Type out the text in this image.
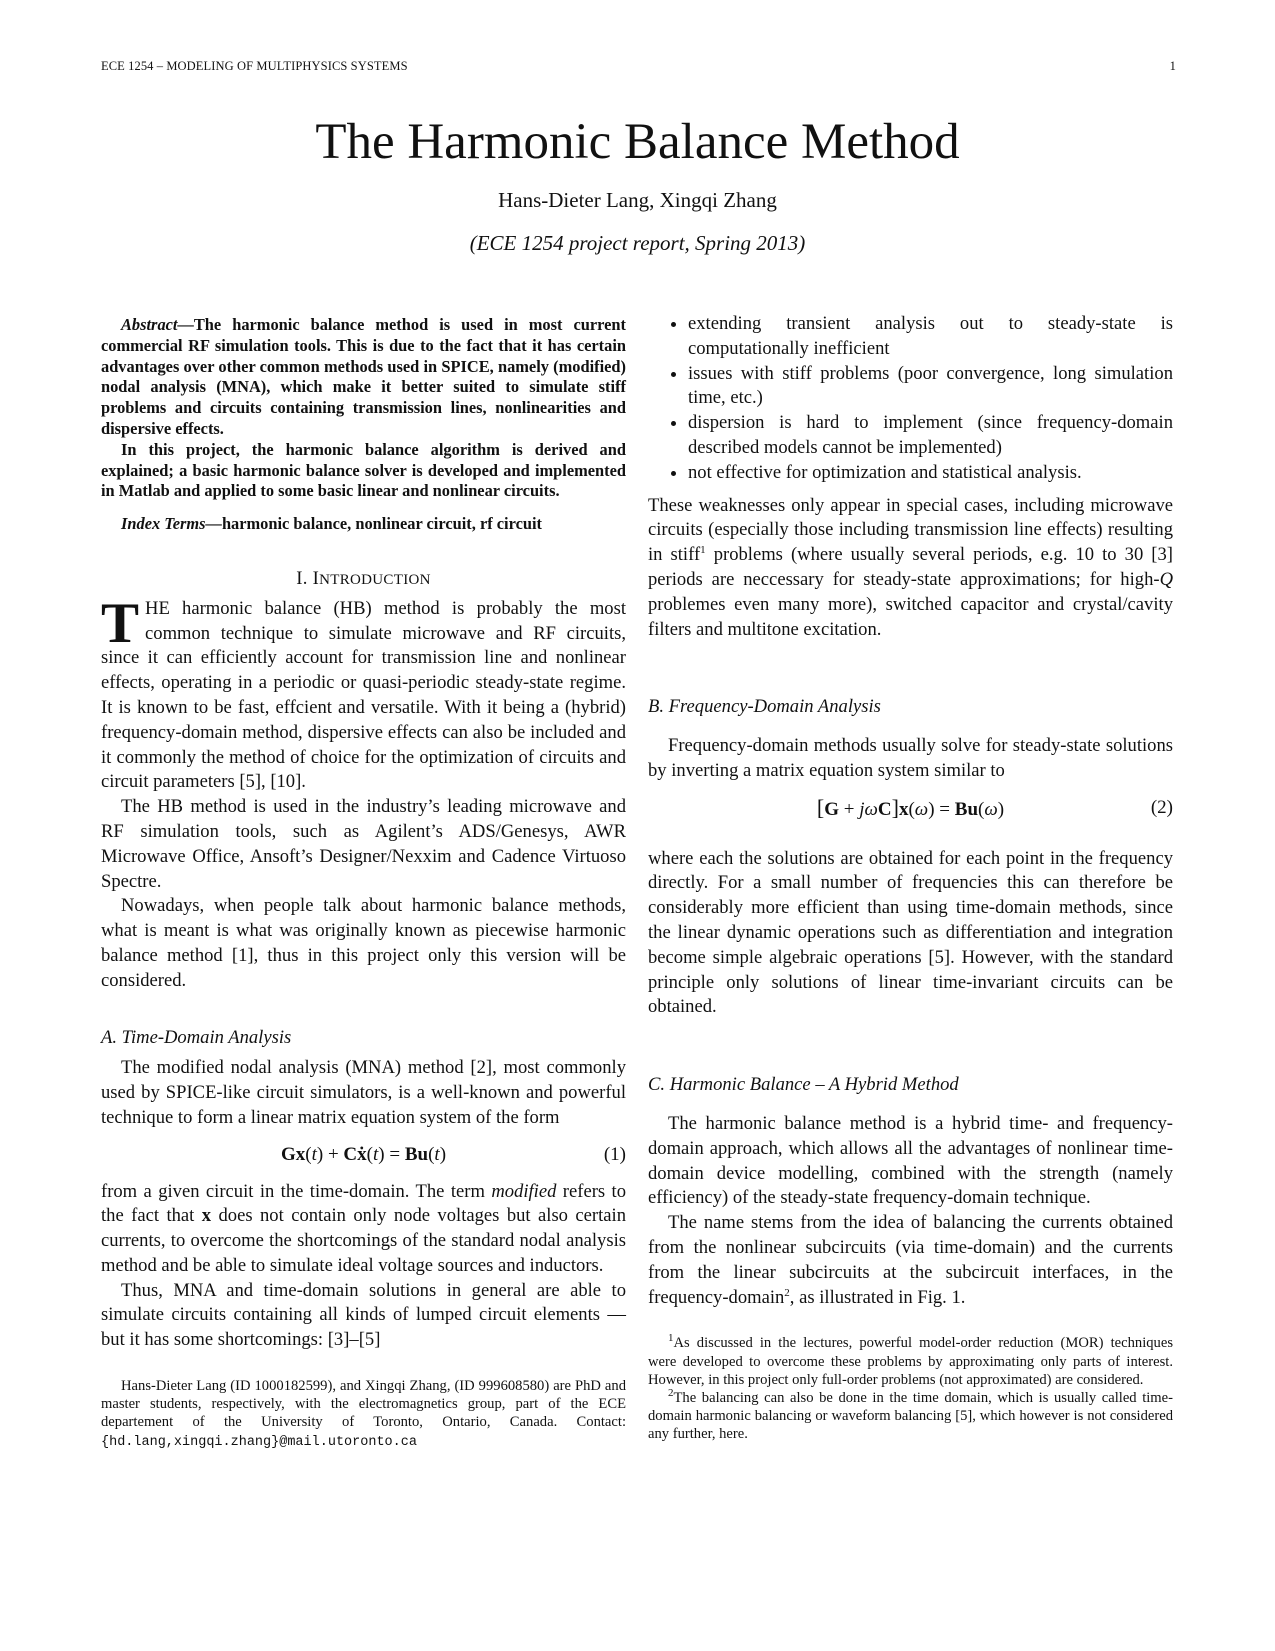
ECE 1254 – MODELING OF MULTIPHYSICS SYSTEMS	1
The Harmonic Balance Method
Hans-Dieter Lang, Xingqi Zhang
(ECE 1254 project report, Spring 2013)

Abstract—The harmonic balance method is used in most current commercial RF simulation tools. This is due to the fact that it has certain advantages over other common methods used in SPICE, namely (modified) nodal analysis (MNA), which make it better suited to simulate stiff problems and circuits containing transmission lines, nonlinearities and dispersive effects.

In this project, the harmonic balance algorithm is derived and explained; a basic harmonic balance solver is developed and implemented in Matlab and applied to some basic linear and nonlinear circuits.

Index Terms—harmonic balance, nonlinear circuit, rf circuit

I. INTRODUCTION

THE harmonic balance (HB) method is probably the most common technique to simulate microwave and RF circuits, since it can efficiently account for transmission line and nonlinear effects, operating in a periodic or quasi-periodic steady-state regime. It is known to be fast, effcient and versatile. With it being a (hybrid) frequency-domain method, dispersive effects can also be included and it commonly the method of choice for the optimization of circuits and circuit parameters [5], [10].

The HB method is used in the industry’s leading microwave and RF simulation tools, such as Agilent’s ADS/Genesys, AWR Microwave Office, Ansoft’s Designer/Nexxim and Cadence Virtuoso Spectre.

Nowadays, when people talk about harmonic balance methods, what is meant is what was originally known as piecewise harmonic balance method [1], thus in this project only this version will be considered.

A. Time-Domain Analysis

The modified nodal analysis (MNA) method [2], most commonly used by SPICE-like circuit simulators, is a well-known and powerful technique to form a linear matrix equation system of the form

Gx(t) + Cẋ(t) = Bu(t)	(1)

from a given circuit in the time-domain. The term modified refers to the fact that x does not contain only node voltages but also certain currents, to overcome the shortcomings of the standard nodal analysis method and be able to simulate ideal voltage sources and inductors.

Thus, MNA and time-domain solutions in general are able to simulate circuits containing all kinds of lumped circuit elements — but it has some shortcomings: [3]–[5]

Hans-Dieter Lang (ID 1000182599), and Xingqi Zhang, (ID 999608580) are PhD and master students, respectively, with the electromagnetics group, part of the ECE departement of the University of Toronto, Ontario, Canada. Contact: {hd.lang,xingqi.zhang}@mail.utoronto.ca

• extending transient analysis out to steady-state is computationally inefficient
• issues with stiff problems (poor convergence, long simulation time, etc.)
• dispersion is hard to implement (since frequency-domain described models cannot be implemented)
• not effective for optimization and statistical analysis.

These weaknesses only appear in special cases, including microwave circuits (especially those including transmission line effects) resulting in stiff$^1$ problems (where usually several periods, e.g. 10 to 30 [3] periods are neccessary for steady-state approximations; for high-Q problemes even many more), switched capacitor and crystal/cavity filters and multitone excitation.

B. Frequency-Domain Analysis

Frequency-domain methods usually solve for steady-state solutions by inverting a matrix equation system similar to

[G + jωC]x(ω) = Bu(ω)	(2)

where each the solutions are obtained for each point in the frequency directly. For a small number of frequencies this can therefore be considerably more efficient than using time-domain methods, since the linear dynamic operations such as differentiation and integration become simple algebraic operations [5]. However, with the standard principle only solutions of linear time-invariant circuits can be obtained.

C. Harmonic Balance – A Hybrid Method

The harmonic balance method is a hybrid time- and frequency-domain approach, which allows all the advantages of nonlinear time-domain device modelling, combined with the strength (namely efficiency) of the steady-state frequency-domain technique.

The name stems from the idea of balancing the currents obtained from the nonlinear subcircuits (via time-domain) and the currents from the linear subcircuits at the subcircuit interfaces, in the frequency-domain$^2$, as illustrated in Fig. 1.

$^1$As discussed in the lectures, powerful model-order reduction (MOR) techniques were developed to overcome these problems by approximating only parts of interest. However, in this project only full-order problems (not approximated) are considered.

$^2$The balancing can also be done in the time domain, which is usually called time-domain harmonic balancing or waveform balancing [5], which however is not considered any further, here.
